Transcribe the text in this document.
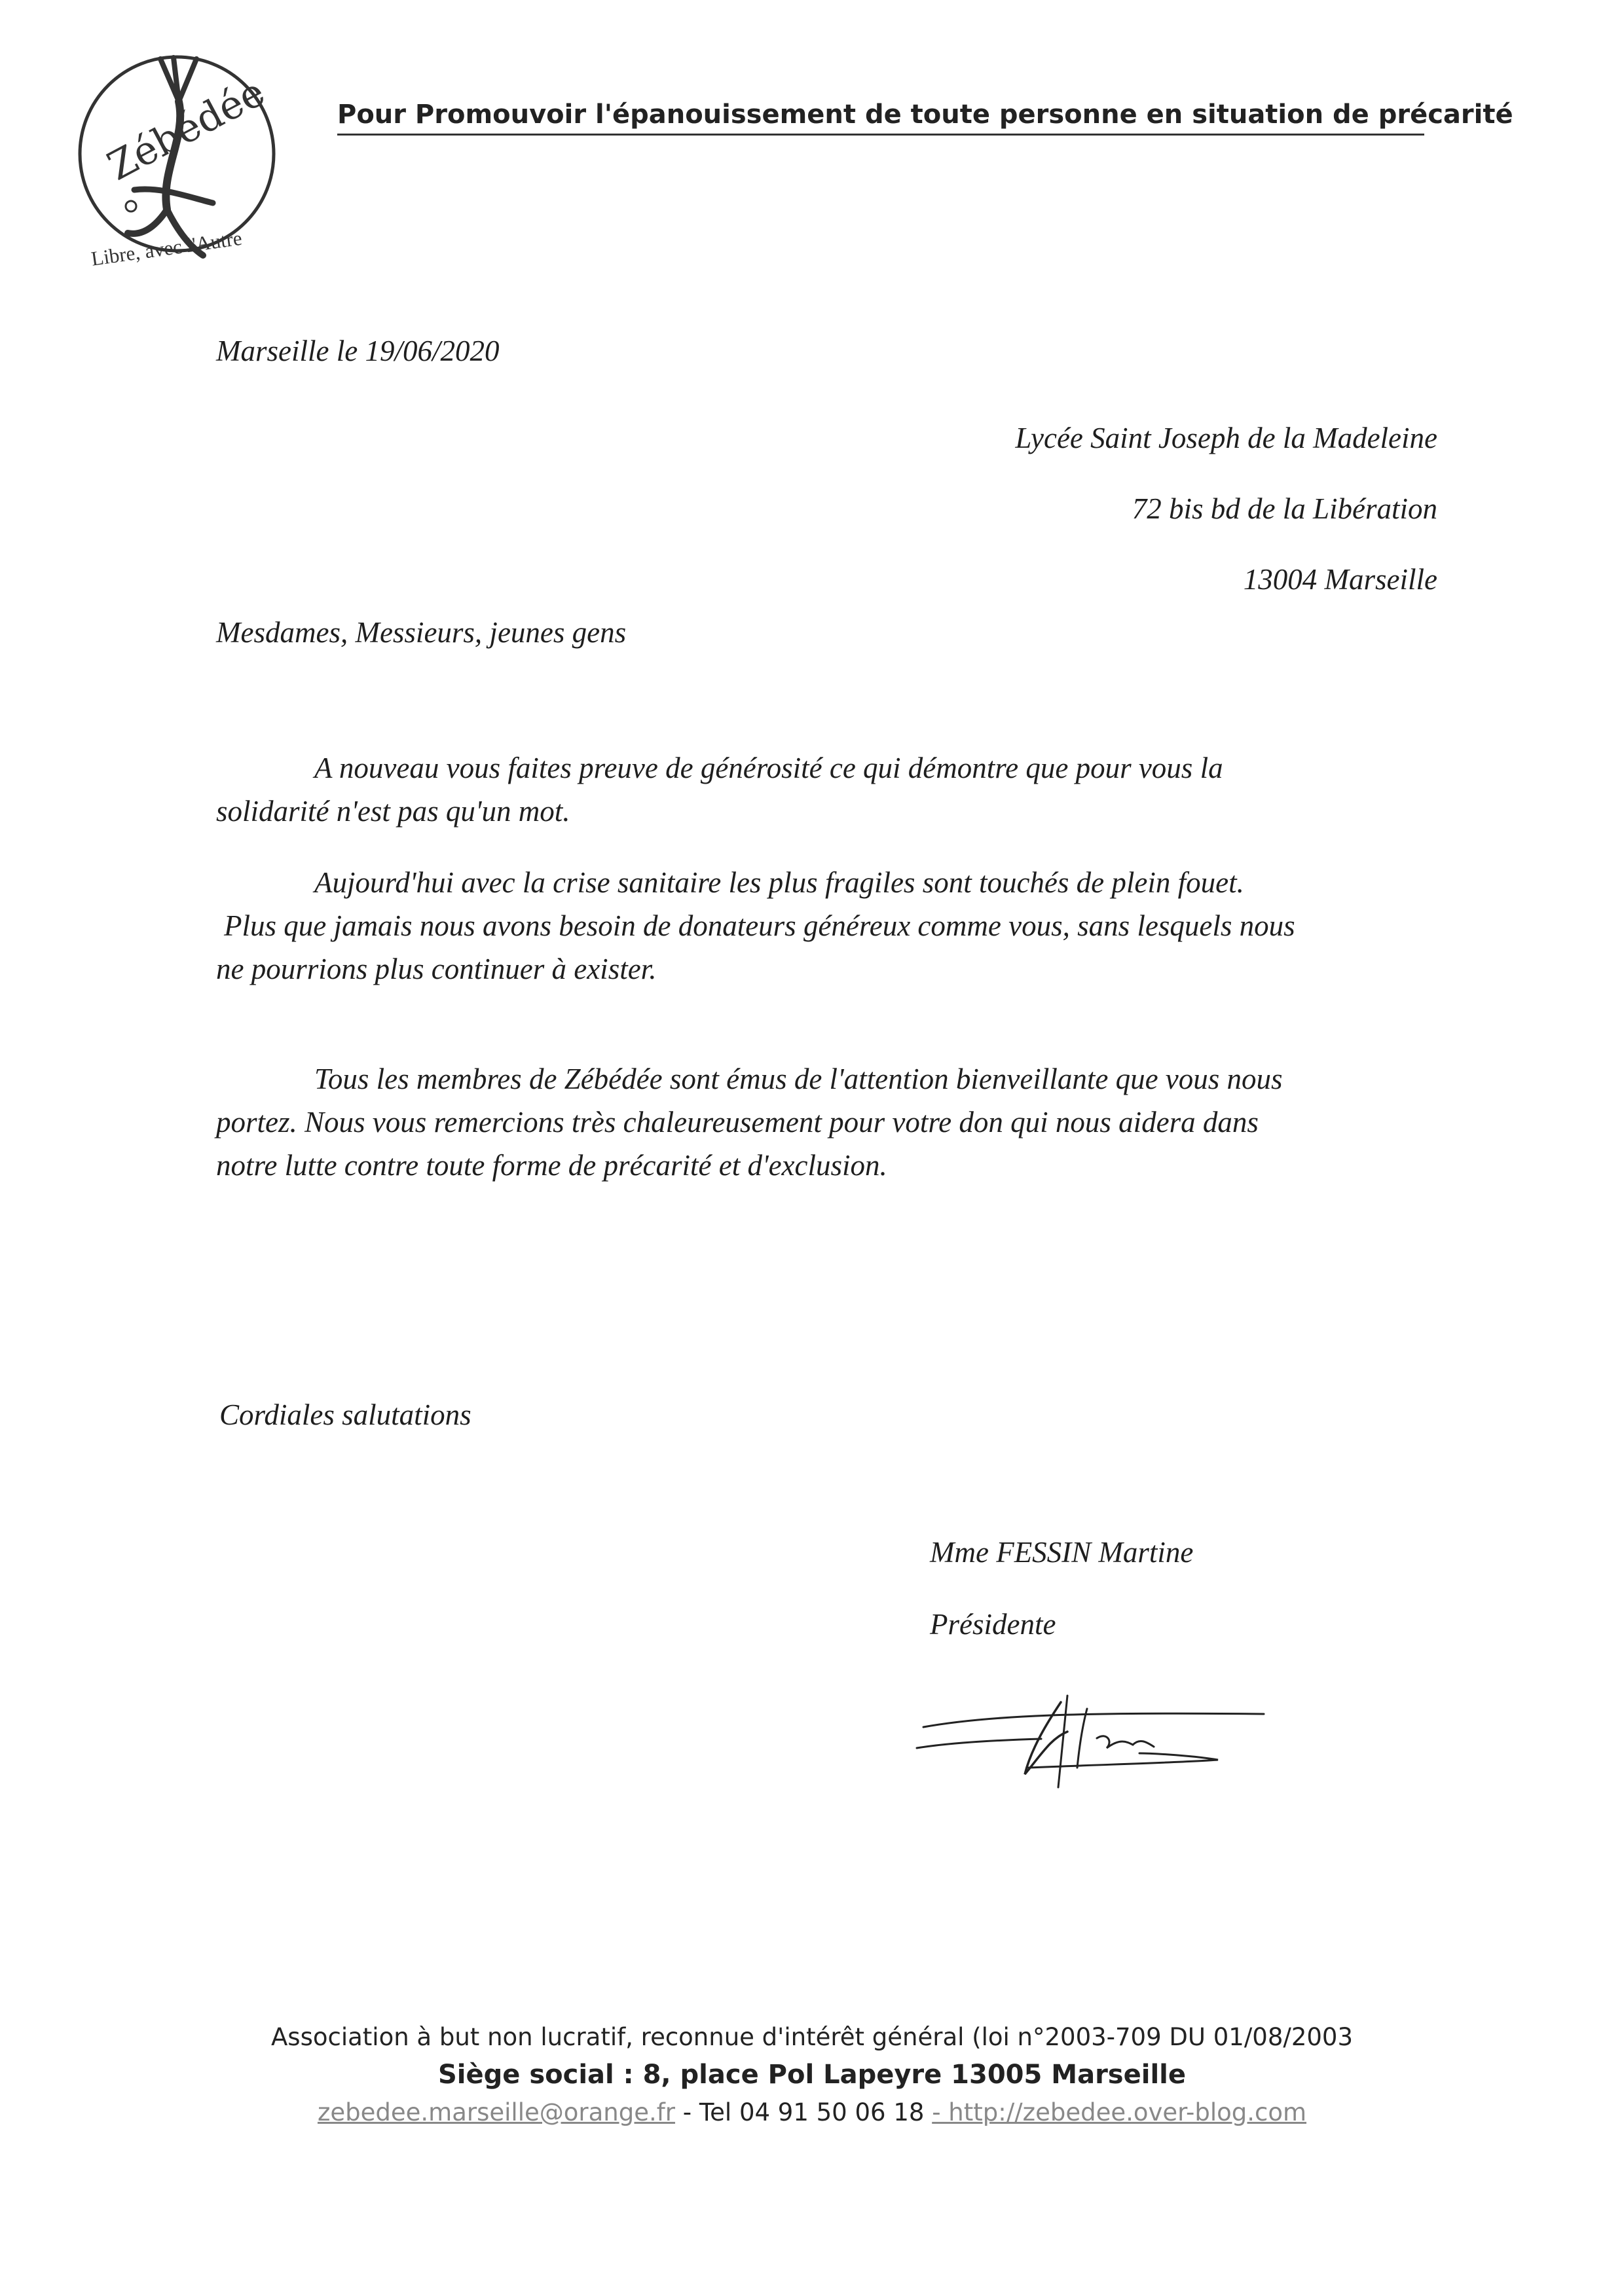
Zébédée
Libre, avec l'Autre
Pour Promouvoir l'épanouissement de toute personne en situation de précarité
Marseille le 19/06/2020
Lycée Saint Joseph de la Madeleine
72 bis bd de la Libération
13004 Marseille
Mesdames, Messieurs, jeunes gens
A nouveau vous faites preuve de générosité ce qui démontre que pour vous la
solidarité n'est pas qu'un mot.
Aujourd'hui avec la crise sanitaire les plus fragiles sont touchés de plein fouet.
Plus que jamais nous avons besoin de donateurs généreux comme vous, sans lesquels nous
ne pourrions plus continuer à exister.
Tous les membres de Zébédée sont émus de l'attention bienveillante que vous nous
portez. Nous vous remercions très chaleureusement pour votre don qui nous aidera dans
notre lutte contre toute forme de précarité et d'exclusion.
Cordiales salutations
Mme FESSIN Martine
Présidente
Association à but non lucratif, reconnue d'intérêt général (loi n°2003-709 DU 01/08/2003
Siège social : 8, place Pol Lapeyre 13005 Marseille
zebedee.marseille@orange.fr - Tel 04 91 50 06 18 - http://zebedee.over-blog.com
